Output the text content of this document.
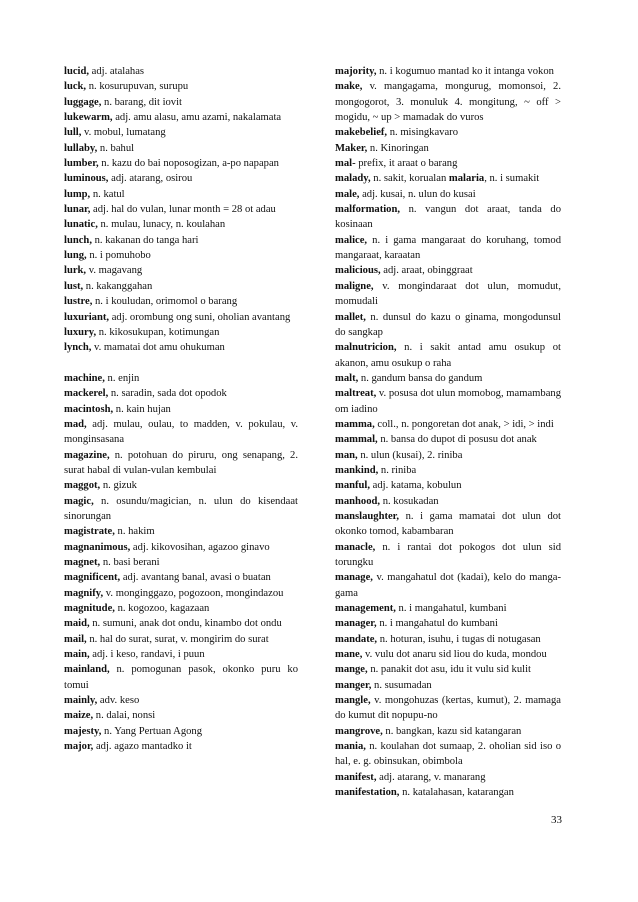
lucid, adj. atalahas

luck, n. kosurupuvan, surupu

luggage, n. barang, dit iovit

lukewarm, adj. amu alasu, amu azami, nakalamata

lull, v. mobul, lumatang

lullaby, n. bahul

lumber, n. kazu do bai noposogizan, a-po napapan

luminous, adj. atarang, osirou

lump, n. katul

lunar, adj. hal do vulan, lunar month = 28 ot adau

lunatic, n. mulau, lunacy, n. koulahan

lunch, n. kakanan do tanga hari

lung, n. i pomuhobo

lurk, v. magavang

lust, n. kakanggahan

lustre, n. i kouludan, orimomol o barang

luxuriant, adj. orombung ong suni, oholian avantang

luxury, n. kikosukupan, kotimungan

lynch, v. mamatai dot amu ohukuman

machine, n. enjin

mackerel, n. saradin, sada dot opodok

macintosh, n. kain hujan

mad, adj. mulau, oulau, to madden, v. pokulau, v. monginsasana

magazine, n. potohuan do piruru, ong senapang, 2. surat habal di vulan-vulan kembulai

maggot, n. gizuk

magic, n. osundu/magician, n. ulun do kisendaat sinorungan

magistrate, n. hakim

magnanimous, adj. kikovosihan, agazoo ginavo

magnet, n. basi berani

magnificent, adj. avantang banal, avasi o buatan

magnify, v. monginggazo, pogozoon, mongindazou

magnitude, n. kogozoo, kagazaan

maid, n. sumuni, anak dot ondu, kinambo dot ondu

mail, n. hal do surat, surat, v. mongirim do surat

main, adj. i keso, randavi, i puun

mainland, n. pomogunan pasok, okonko puru ko tomui

mainly, adv. keso

maize, n. dalai, nonsi

majesty, n. Yang Pertuan Agong

major, adj. agazo mantadko it

majority, n. i kogumuo mantad ko it intanga vokon

make, v. mangagama, mongurug, momonsoi, 2. mongogorot, 3. monuluk 4. mongitung, ~ off > mogidu, ~ up > mamadak do vuros

makebelief, n. misingkavaro

Maker, n. Kinoringan

mal- prefix, it araat o barang

malady, n. sakit, korualan malaria, n. i sumakit

male, adj. kusai, n. ulun do kusai

malformation, n. vangun dot araat, tanda do kosinaan

malice, n. i gama mangaraat do koruhang, tomod mangaraat, karaatan

malicious, adj. araat, obinggraat

maligne, v. mongindaraat dot ulun, momudut, momudali

mallet, n. dunsul do kazu o ginama, mongodunsul do sangkap

malnutricion, n. i sakit antad amu osukup ot akanon, amu osukup o raha

malt, n. gandum bansa do gandum

maltreat, v. posusa dot ulun momobog, mamambang om iadino

mamma, coll., n. pongoretan dot anak, > idi, > indi

mammal, n. bansa do dupot di posusu dot anak

man, n. ulun (kusai), 2. riniba

mankind, n. riniba

manful, adj. katama, kobulun

manhood, n. kosukadan

manslaughter, n. i gama mamatai dot ulun dot okonko tomod, kabambaran

manacle, n. i rantai dot pokogos dot ulun sid torungku

manage, v. mangahatul dot (kadai), kelo do manga- gama

management, n. i mangahatul, kumbani

manager, n. i mangahatul do kumbani

mandate, n. hoturan, isuhu, i tugas di notugasan

mane, v. vulu dot anaru sid liou do kuda, mondou

mange, n. panakit dot asu, idu it vulu sid kulit

manger, n. susumadan

mangle, v. mongohuzas (kertas, kumut), 2. mamaga do kumut dit nopupu-no

mangrove, n. bangkan, kazu sid katangaran

mania, n. koulahan dot sumaap, 2. oholian sid iso o hal, e. g. obinsukan, obimbola

manifest, adj. atarang, v. manarang

manifestation, n. katalahasan, katarangan

33
